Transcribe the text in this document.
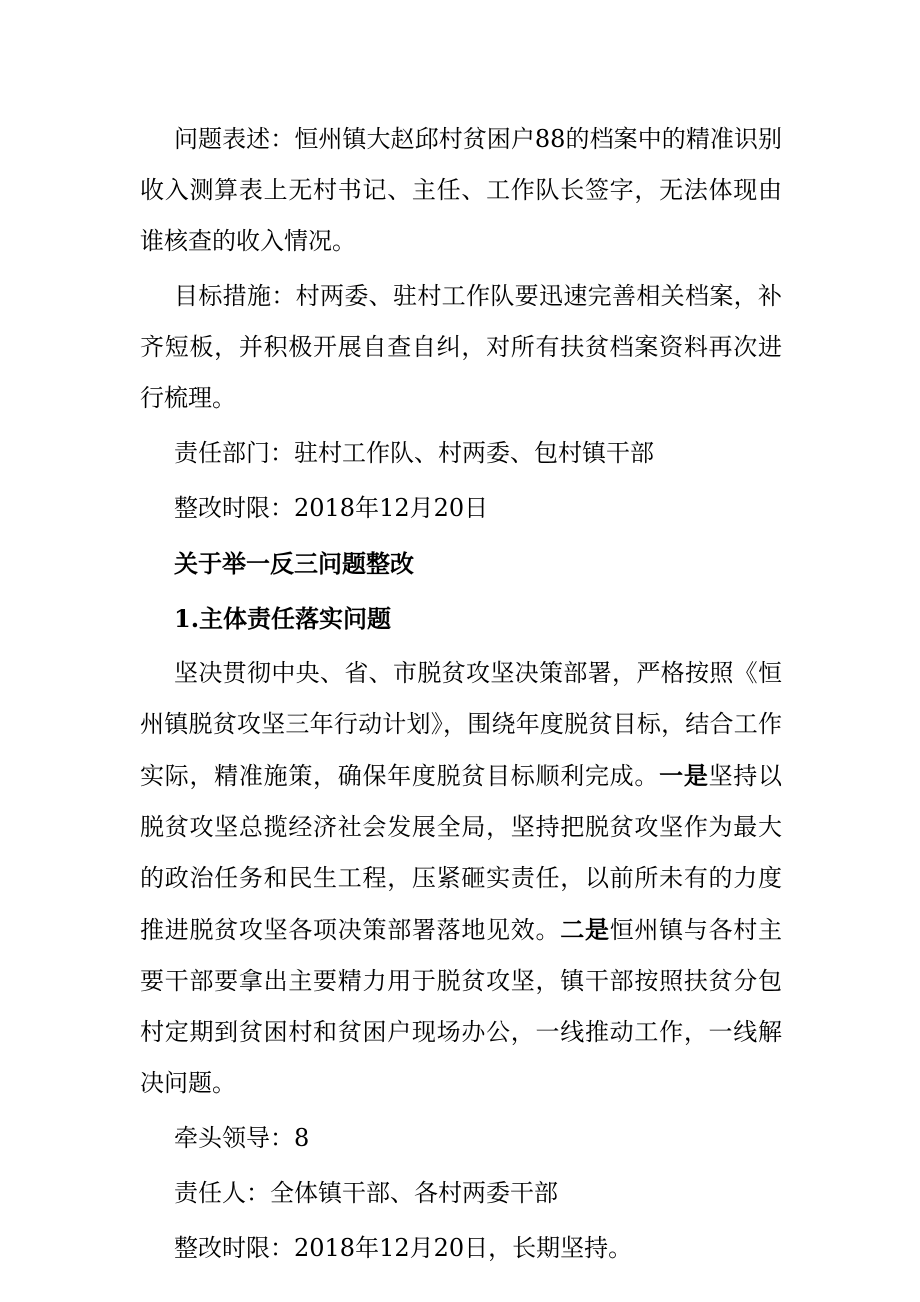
问题表述：恒州镇大赵邱村贫困户88的档案中的精准识别收入测算表上无村书记、主任、工作队长签字，无法体现由谁核查的收入情况。

目标措施：村两委、驻村工作队要迅速完善相关档案，补齐短板，并积极开展自查自纠，对所有扶贫档案资料再次进行梳理。

责任部门：驻村工作队、村两委、包村镇干部

整改时限：2018年12月20日

关于举一反三问题整改

1.主体责任落实问题

坚决贯彻中央、省、市脱贫攻坚决策部署，严格按照《恒州镇脱贫攻坚三年行动计划》，围绕年度脱贫目标，结合工作实际，精准施策，确保年度脱贫目标顺利完成。一是坚持以脱贫攻坚总揽经济社会发展全局，坚持把脱贫攻坚作为最大的政治任务和民生工程，压紧砸实责任，以前所未有的力度推进脱贫攻坚各项决策部署落地见效。二是恒州镇与各村主要干部要拿出主要精力用于脱贫攻坚，镇干部按照扶贫分包村定期到贫困村和贫困户现场办公，一线推动工作，一线解决问题。

牵头领导：8

责任人：全体镇干部、各村两委干部

整改时限：2018年12月20日，长期坚持。
